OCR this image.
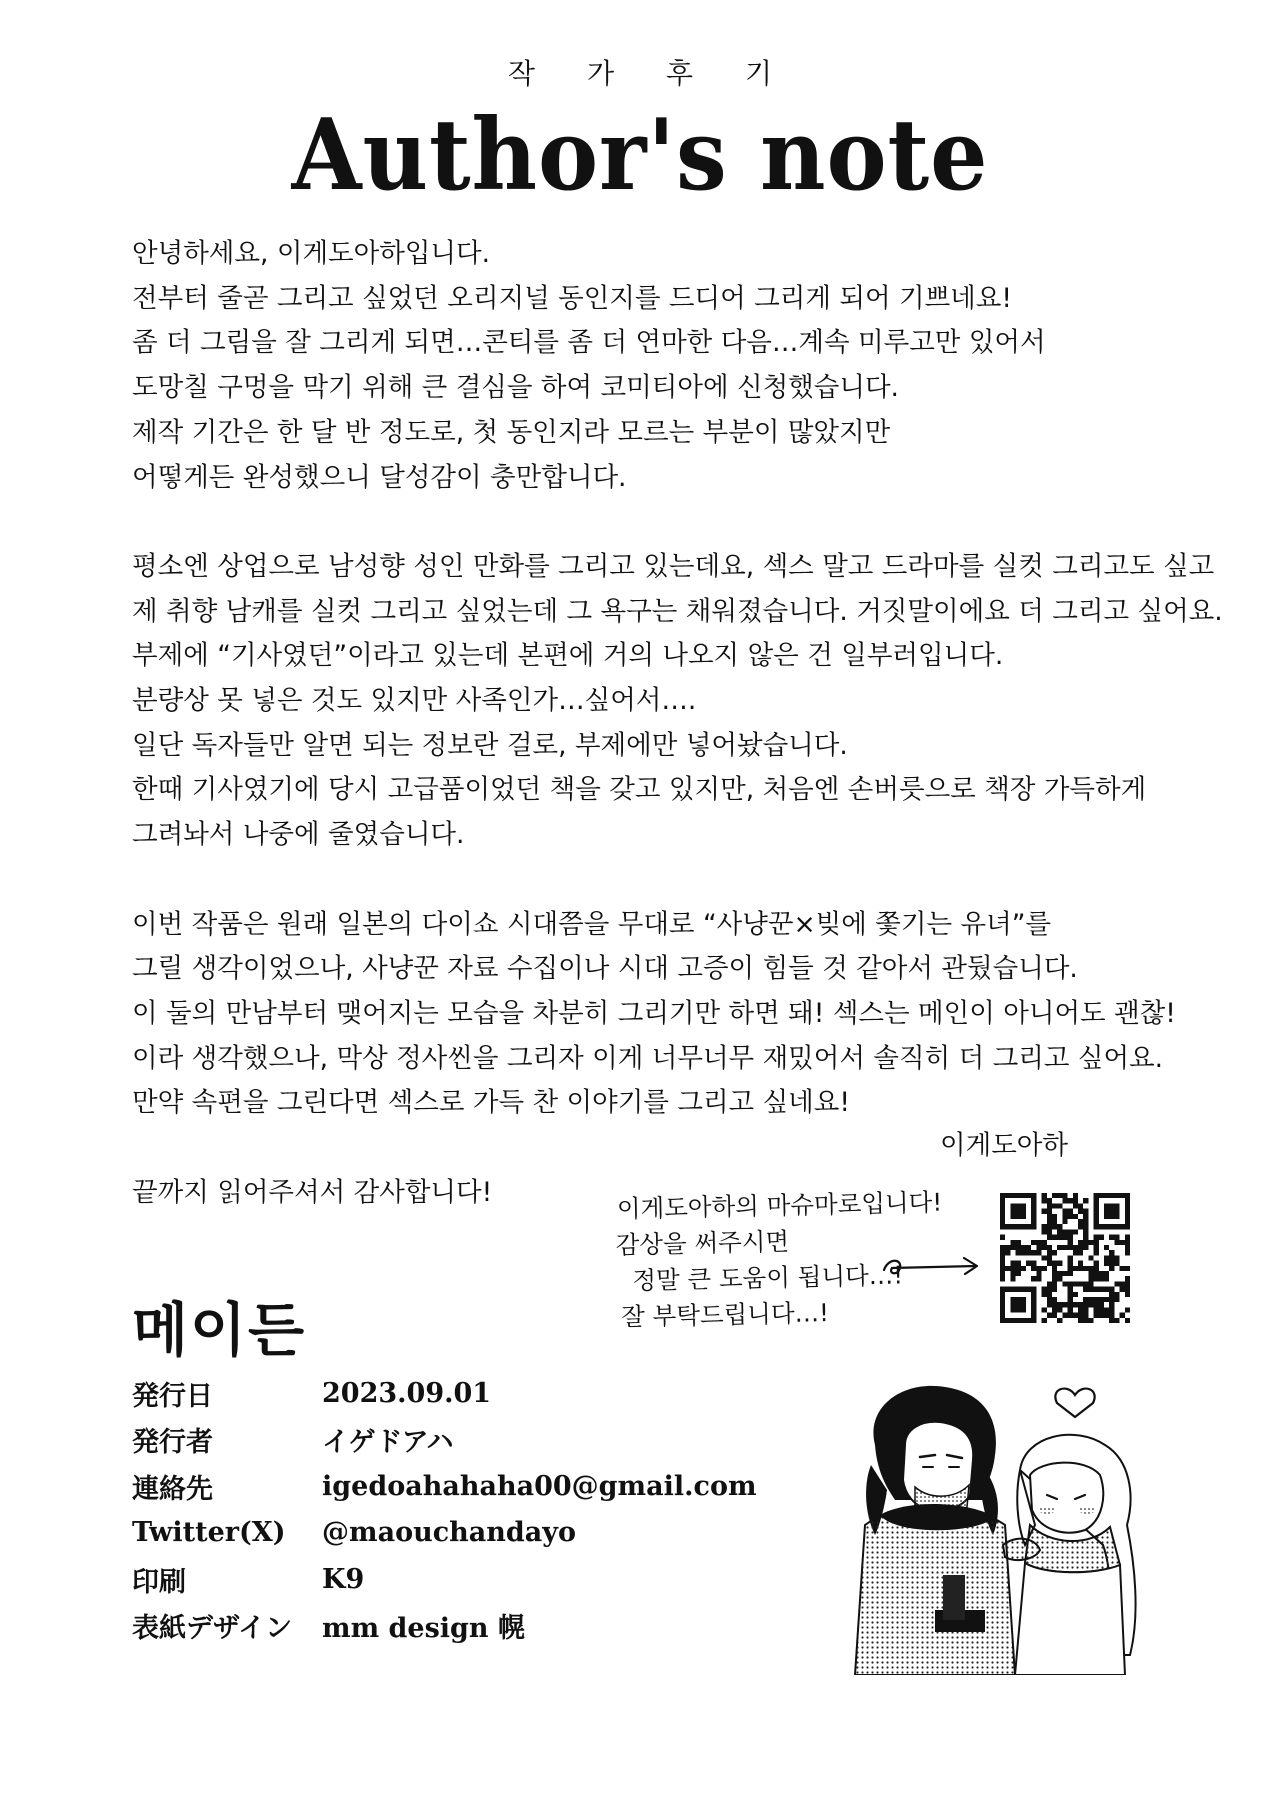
작가후기
Author's note
안녕하세요, 이게도아하입니다.
전부터 줄곧 그리고 싶었던 오리지널 동인지를 드디어 그리게 되어 기쁘네요!
좀 더 그림을 잘 그리게 되면…콘티를 좀 더 연마한 다음…계속 미루고만 있어서
도망칠 구멍을 막기 위해 큰 결심을 하여 코미티아에 신청했습니다.
제작 기간은 한 달 반 정도로, 첫 동인지라 모르는 부분이 많았지만
어떻게든 완성했으니 달성감이 충만합니다.
평소엔 상업으로 남성향 성인 만화를 그리고 있는데요, 섹스 말고 드라마를 실컷 그리고도 싶고
제 취향 남캐를 실컷 그리고 싶었는데 그 욕구는 채워졌습니다. 거짓말이에요 더 그리고 싶어요.
부제에 “기사였던”이라고 있는데 본편에 거의 나오지 않은 건 일부러입니다.
분량상 못 넣은 것도 있지만 사족인가…싶어서….
일단 독자들만 알면 되는 정보란 걸로, 부제에만 넣어놨습니다.
한때 기사였기에 당시 고급품이었던 책을 갖고 있지만, 처음엔 손버릇으로 책장 가득하게
그려놔서 나중에 줄였습니다.
이번 작품은 원래 일본의 다이쇼 시대쯤을 무대로 “사냥꾼×빚에 쫓기는 유녀”를
그릴 생각이었으나, 사냥꾼 자료 수집이나 시대 고증이 힘들 것 같아서 관뒀습니다.
이 둘의 만남부터 맺어지는 모습을 차분히 그리기만 하면 돼! 섹스는 메인이 아니어도 괜찮!
이라 생각했으나, 막상 정사씬을 그리자 이게 너무너무 재밌어서 솔직히 더 그리고 싶어요.
만약 속편을 그린다면 섹스로 가득 찬 이야기를 그리고 싶네요!
끝까지 읽어주셔서 감사합니다!
이게도아하
이게도아하의 마슈마로입니다!
감상을 써주시면
정말 큰 도움이 됩니다…!
잘 부탁드립니다…!
메이든
発行日	2023.09.01
発行者	イゲドアハ
連絡先	igedoahahaha00@gmail.com
Twitter(X)	@maouchandayo
印刷	K9
表紙デザイン	mm design 幌
